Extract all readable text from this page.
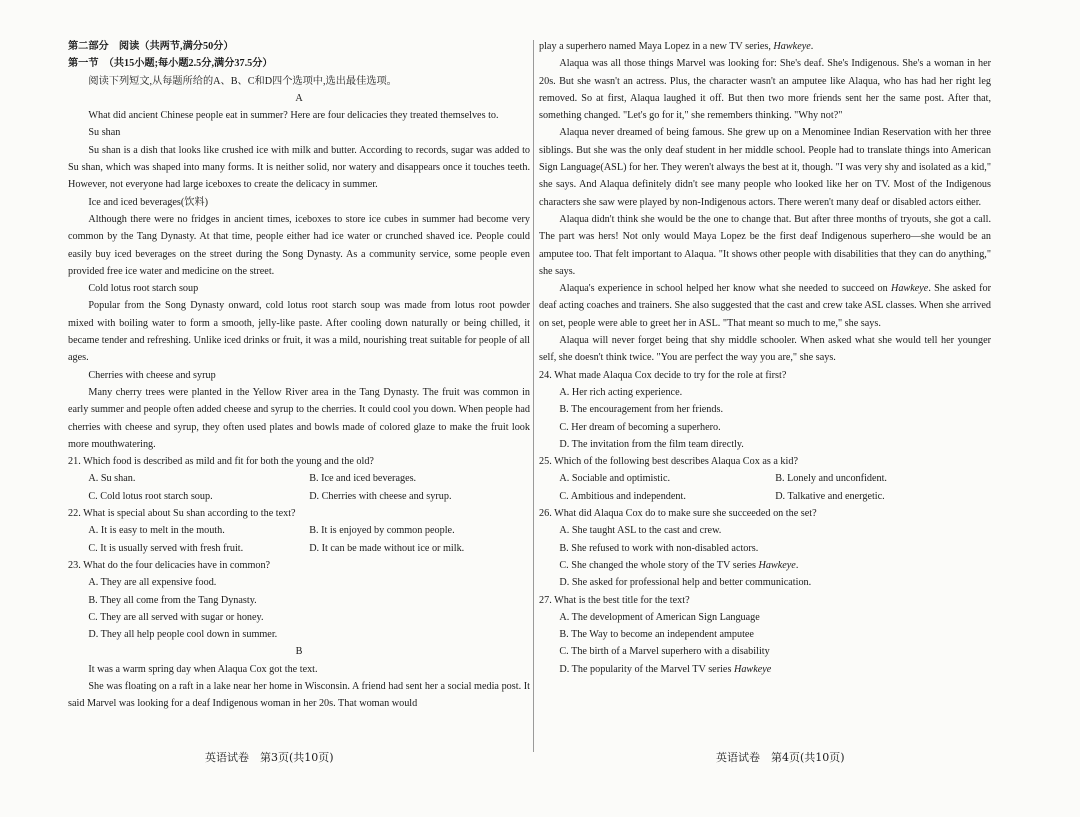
第二部分　阅读（共两节,满分50分）

第一节　（共15小题;每小题2.5分,满分37.5分）

阅读下列短文,从每题所给的A、B、C和D四个选项中,选出最佳选项。

A

What did ancient Chinese people eat in summer? Here are four delicacies they treated themselves to.

Su shan

Su shan is a dish that looks like crushed ice with milk and butter. According to records, sugar was added to Su shan, which was shaped into many forms. It is neither solid, nor watery and disappears once it touches teeth. However, not everyone had large iceboxes to create the delicacy in summer.

Ice and iced beverages(饮料)

Although there were no fridges in ancient times, iceboxes to store ice cubes in summer had become very common by the Tang Dynasty. At that time, people either had ice water or crunched shaved ice. People could easily buy iced beverages on the street during the Song Dynasty. As a community service, some people even provided free ice water and medicine on the street.

Cold lotus root starch soup

Popular from the Song Dynasty onward, cold lotus root starch soup was made from lotus root powder mixed with boiling water to form a smooth, jelly-like paste. After cooling down naturally or being chilled, it became tender and refreshing. Unlike iced drinks or fruit, it was a mild, nourishing treat suitable for people of all ages.

Cherries with cheese and syrup

Many cherry trees were planted in the Yellow River area in the Tang Dynasty. The fruit was common in early summer and people often added cheese and syrup to the cherries. It could cool you down. When people had cherries with cheese and syrup, they often used plates and bowls made of colored glaze to make the fruit look more mouthwatering.

21. Which food is described as mild and fit for both the young and the old?

A. Su shan.	B. Ice and iced beverages.
C. Cold lotus root starch soup.	D. Cherries with cheese and syrup.

22. What is special about Su shan according to the text?

A. It is easy to melt in the mouth.	B. It is enjoyed by common people.
C. It is usually served with fresh fruit.	D. It can be made without ice or milk.

23. What do the four delicacies have in common?

A. They are all expensive food.

B. They all come from the Tang Dynasty.

C. They are all served with sugar or honey.

D. They all help people cool down in summer.

B

It was a warm spring day when Alaqua Cox got the text.

She was floating on a raft in a lake near her home in Wisconsin. A friend had sent her a social media post. It said Marvel was looking for a deaf Indigenous woman in her 20s. That woman would

play a superhero named Maya Lopez in a new TV series, Hawkeye.

Alaqua was all those things Marvel was looking for: She's deaf. She's Indigenous. She's a woman in her 20s. But she wasn't an actress. Plus, the character wasn't an amputee like Alaqua, who has had her right leg removed. So at first, Alaqua laughed it off. But then two more friends sent her the same post. After that, something changed. "Let's go for it," she remembers thinking. "Why not?"

Alaqua never dreamed of being famous. She grew up on a Menominee Indian Reservation with her three siblings. But she was the only deaf student in her middle school. People had to translate things into American Sign Language(ASL) for her. They weren't always the best at it, though. "I was very shy and isolated as a kid," she says. And Alaqua definitely didn't see many people who looked like her on TV. Most of the Indigenous characters she saw were played by non-Indigenous actors. There weren't many deaf or disabled actors either.

Alaqua didn't think she would be the one to change that. But after three months of tryouts, she got a call. The part was hers! Not only would Maya Lopez be the first deaf Indigenous superhero—she would be an amputee too. That felt important to Alaqua. "It shows other people with disabilities that they can do anything," she says.

Alaqua's experience in school helped her know what she needed to succeed on Hawkeye. She asked for deaf acting coaches and trainers. She also suggested that the cast and crew take ASL classes. When she arrived on set, people were able to greet her in ASL. "That meant so much to me," she says.

Alaqua will never forget being that shy middle schooler. When asked what she would tell her younger self, she doesn't think twice. "You are perfect the way you are," she says.

24. What made Alaqua Cox decide to try for the role at first?

A. Her rich acting experience.

B. The encouragement from her friends.

C. Her dream of becoming a superhero.

D. The invitation from the film team directly.

25. Which of the following best describes Alaqua Cox as a kid?

A. Sociable and optimistic.	B. Lonely and unconfident.
C. Ambitious and independent.	D. Talkative and energetic.

26. What did Alaqua Cox do to make sure she succeeded on the set?

A. She taught ASL to the cast and crew.

B. She refused to work with non-disabled actors.

C. She changed the whole story of the TV series Hawkeye.

D. She asked for professional help and better communication.

27. What is the best title for the text?

A. The development of American Sign Language

B. The Way to become an independent amputee

C. The birth of a Marvel superhero with a disability

D. The popularity of the Marvel TV series Hawkeye

英语试卷　第3页(共10页)	英语试卷　第4页(共10页)
